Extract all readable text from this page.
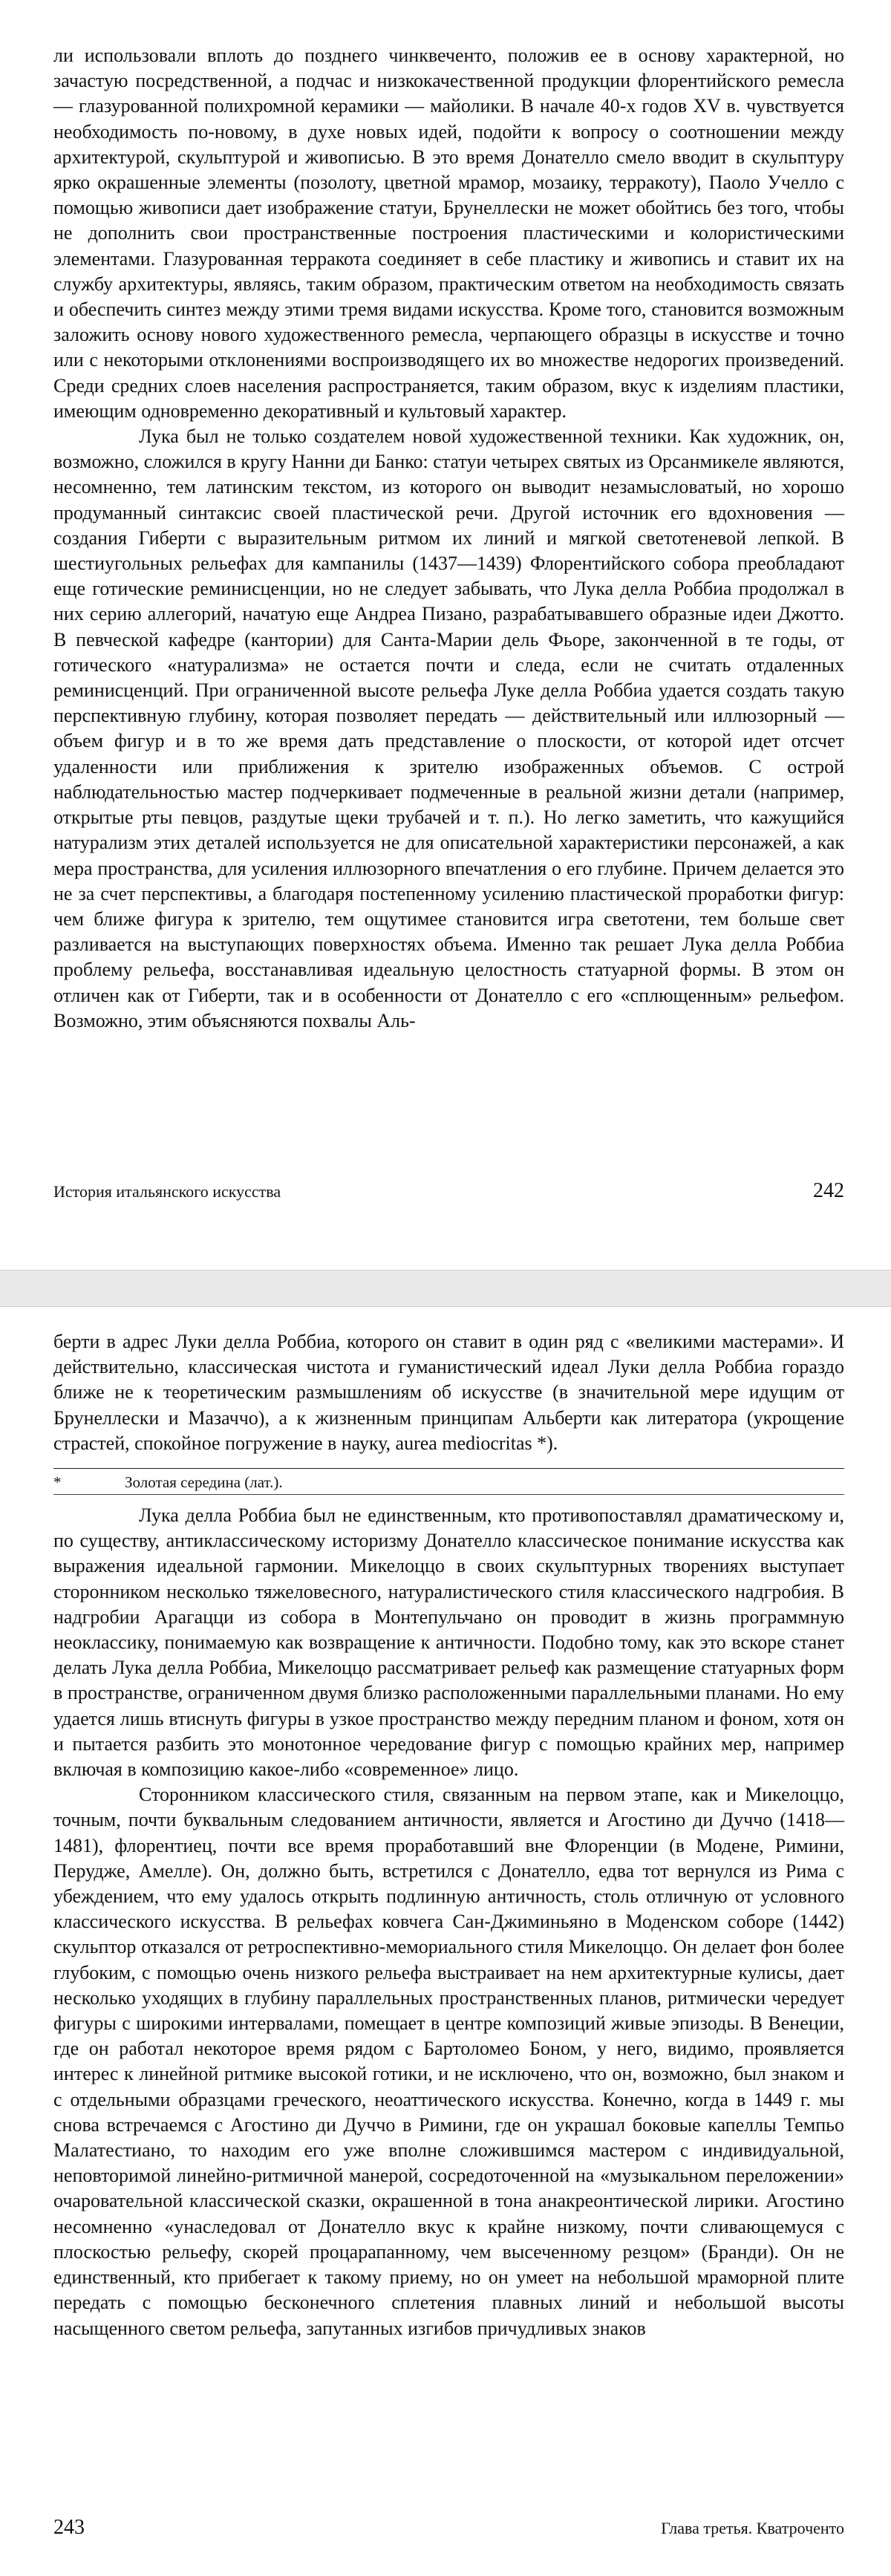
ли использовали вплоть до позднего чинквеченто, положив ее в основу характерной, но зачастую посредственной, а подчас и низкокачественной продукции флорентийского ремесла — глазурованной полихромной керамики — майолики. В начале 40-х годов XV в. чувствуется необходимость по-новому, в духе новых идей, подойти к вопросу о соотношении между архитектурой, скульптурой и живописью. В это время Донателло смело вводит в скульптуру ярко окрашенные элементы (позолоту, цветной мрамор, мозаику, терракоту), Паоло Учелло с помощью живописи дает изображение статуи, Брунеллески не может обойтись без того, чтобы не дополнить свои пространственные построения пластическими и колористическими элементами. Глазурованная терракота соединяет в себе пластику и живопись и ставит их на службу архитектуры, являясь, таким образом, практическим ответом на необходимость связать и обеспечить синтез между этими тремя видами искусства. Кроме того, становится возможным заложить основу нового художественного ремесла, черпающего образцы в искусстве и точно или с некоторыми отклонениями воспроизводящего их во множестве недорогих произведений. Среди средних слоев населения распространяется, таким образом, вкус к изделиям пластики, имеющим одновременно декоративный и культовый характер.

Лука был не только создателем новой художественной техники. Как художник, он, возможно, сложился в кругу Нанни ди Банко: статуи четырех святых из Орсанмикеле являются, несомненно, тем латинским текстом, из которого он выводит незамысловатый, но хорошо продуманный синтаксис своей пластической речи. Другой источник его вдохновения — создания Гиберти с выразительным ритмом их линий и мягкой светотеневой лепкой. В шестиугольных рельефах для кампанилы (1437—1439) Флорентийского собора преобладают еще готические реминисценции, но не следует забывать, что Лука делла Роббиа продолжал в них серию аллегорий, начатую еще Андреа Пизано, разрабатывавшего образные идеи Джотто. В певческой кафедре (кантории) для Санта-Марии дель Фьоре, законченной в те годы, от готического «натурализма» не остается почти и следа, если не считать отдаленных реминисценций. При ограниченной высоте рельефа Луке делла Роббиа удается создать такую перспективную глубину, которая позволяет передать — действительный или иллюзорный — объем фигур и в то же время дать представление о плоскости, от которой идет отсчет удаленности или приближения к зрителю изображенных объемов. С острой наблюдательностью мастер подчеркивает подмеченные в реальной жизни детали (например, открытые рты певцов, раздутые щеки трубачей и т. п.). Но легко заметить, что кажущийся натурализм этих деталей используется не для описательной характеристики персонажей, а как мера пространства, для усиления иллюзорного впечатления о его глубине. Причем делается это не за счет перспективы, а благодаря постепенному усилению пластической проработки фигур: чем ближе фигура к зрителю, тем ощутимее становится игра светотени, тем больше свет разливается на выступающих поверхностях объема. Именно так решает Лука делла Роббиа проблему рельефа, восстанавливая идеальную целостность статуарной формы. В этом он отличен как от Гиберти, так и в особенности от Донателло с его «сплющенным» рельефом. Возможно, этим объясняются похвалы Аль-

История итальянского искусства	242

берти в адрес Луки делла Роббиа, которого он ставит в один ряд с «великими мастерами». И действительно, классическая чистота и гуманистический идеал Луки делла Роббиа гораздо ближе не к теоретическим размышлениям об искусстве (в значительной мере идущим от Брунеллески и Мазаччо), а к жизненным принципам Альберти как литератора (укрощение страстей, спокойное погружение в науку, aurea mediocritas *).

*	Золотая середина (лат.).

Лука делла Роббиа был не единственным, кто противопоставлял драматическому и, по существу, антиклассическому историзму Донателло классическое понимание искусства как выражения идеальной гармонии. Микелоццо в своих скульптурных творениях выступает сторонником несколько тяжеловесного, натуралистического стиля классического надгробия. В надгробии Арагацци из собора в Монтепульчано он проводит в жизнь программную неоклассику, понимаемую как возвращение к античности. Подобно тому, как это вскоре станет делать Лука делла Роббиа, Микелоццо рассматривает рельеф как размещение статуарных форм в пространстве, ограниченном двумя близко расположенными параллельными планами. Но ему удается лишь втиснуть фигуры в узкое пространство между передним планом и фоном, хотя он и пытается разбить это монотонное чередование фигур с помощью крайних мер, например включая в композицию какое-либо «современное» лицо.

Сторонником классического стиля, связанным на первом этапе, как и Микелоццо, точным, почти буквальным следованием античности, является и Агостино ди Дуччо (1418—1481), флорентиец, почти все время проработавший вне Флоренции (в Модене, Римини, Перудже, Амелле). Он, должно быть, встретился с Донателло, едва тот вернулся из Рима с убеждением, что ему удалось открыть подлинную античность, столь отличную от условного классического искусства. В рельефах ковчега Сан-Джиминьяно в Моденском соборе (1442) скульптор отказался от ретроспективно-мемориального стиля Микелоццо. Он делает фон более глубоким, с помощью очень низкого рельефа выстраивает на нем архитектурные кулисы, дает несколько уходящих в глубину параллельных пространственных планов, ритмически чередует фигуры с широкими интервалами, помещает в центре композиций живые эпизоды. В Венеции, где он работал некоторое время рядом с Бартоломео Боном, у него, видимо, проявляется интерес к линейной ритмике высокой готики, и не исключено, что он, возможно, был знаком и с отдельными образцами греческого, неоаттического искусства. Конечно, когда в 1449 г. мы снова встречаемся с Агостино ди Дуччо в Римини, где он украшал боковые капеллы Темпьо Малатестиано, то находим его уже вполне сложившимся мастером с индивидуальной, неповторимой линейно-ритмичной манерой, сосредоточенной на «музыкальном переложении» очаровательной классической сказки, окрашенной в тона анакреонтической лирики. Агостино несомненно «унаследовал от Донателло вкус к крайне низкому, почти сливающемуся с плоскостью рельефу, скорей процарапанному, чем высеченному резцом» (Бранди). Он не единственный, кто прибегает к такому приему, но он умеет на небольшой мраморной плите передать с помощью бесконечного сплетения плавных линий и небольшой высоты насыщенного светом рельефа, запутанных изгибов причудливых знаков

243	Глава третья. Кватроченто
